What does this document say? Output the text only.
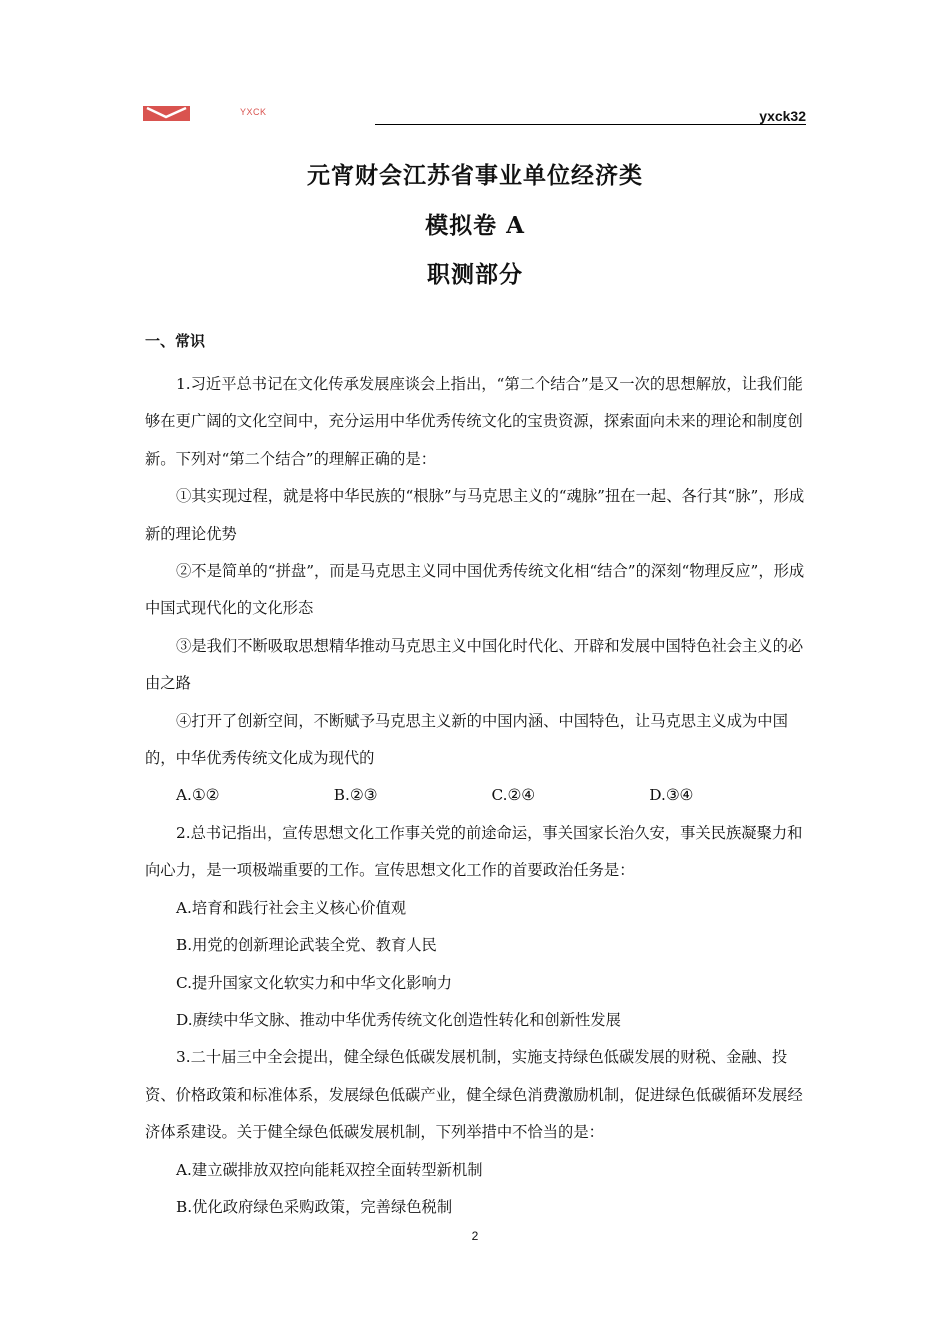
YXCK	yxck32
元宵财会江苏省事业单位经济类
模拟卷 A
职测部分
一、常识

1.习近平总书记在文化传承发展座谈会上指出，“第二个结合”是又一次的思想解放，让我们能够在更广阔的文化空间中，充分运用中华优秀传统文化的宝贵资源，探索面向未来的理论和制度创新。下列对“第二个结合”的理解正确的是：

①其实现过程，就是将中华民族的“根脉”与马克思主义的“魂脉”扭在一起、各行其“脉”，形成新的理论优势

②不是简单的“拼盘”，而是马克思主义同中国优秀传统文化相“结合”的深刻“物理反应”，形成中国式现代化的文化形态

③是我们不断吸取思想精华推动马克思主义中国化时代化、开辟和发展中国特色社会主义的必由之路

④打开了创新空间，不断赋予马克思主义新的中国内涵、中国特色，让马克思主义成为中国的，中华优秀传统文化成为现代的

A.①②	B.②③	C.②④	D.③④

2.总书记指出，宣传思想文化工作事关党的前途命运，事关国家长治久安，事关民族凝聚力和向心力，是一项极端重要的工作。宣传思想文化工作的首要政治任务是：

A.培育和践行社会主义核心价值观

B.用党的创新理论武装全党、教育人民

C.提升国家文化软实力和中华文化影响力

D.赓续中华文脉、推动中华优秀传统文化创造性转化和创新性发展

3.二十届三中全会提出，健全绿色低碳发展机制，实施支持绿色低碳发展的财税、金融、投资、价格政策和标准体系，发展绿色低碳产业，健全绿色消费激励机制，促进绿色低碳循环发展经济体系建设。关于健全绿色低碳发展机制，下列举措中不恰当的是：

A.建立碳排放双控向能耗双控全面转型新机制

B.优化政府绿色采购政策，完善绿色税制

2
